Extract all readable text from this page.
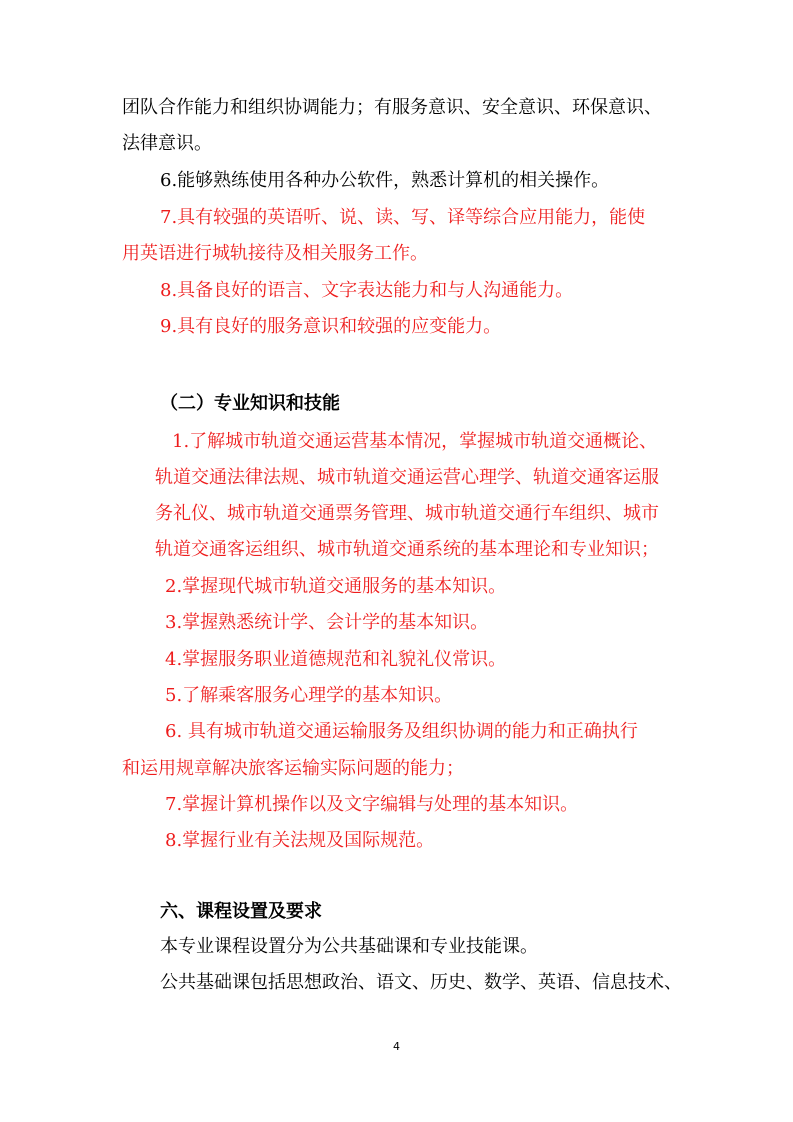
团队合作能力和组织协调能力；有服务意识、安全意识、环保意识、

法律意识。

6.能够熟练使用各种办公软件，熟悉计算机的相关操作。

7.具有较强的英语听、说、读、写、译等综合应用能力，能使

用英语进行城轨接待及相关服务工作。

8.具备良好的语言、文字表达能力和与人沟通能力。

9.具有良好的服务意识和较强的应变能力。

（二）专业知识和技能

1.了解城市轨道交通运营基本情况，掌握城市轨道交通概论、

轨道交通法律法规、城市轨道交通运营心理学、轨道交通客运服

务礼仪、城市轨道交通票务管理、城市轨道交通行车组织、城市

轨道交通客运组织、城市轨道交通系统的基本理论和专业知识；

2.掌握现代城市轨道交通服务的基本知识。

3.掌握熟悉统计学、会计学的基本知识。

4.掌握服务职业道德规范和礼貌礼仪常识。

5.了解乘客服务心理学的基本知识。

6. 具有城市轨道交通运输服务及组织协调的能力和正确执行

和运用规章解决旅客运输实际问题的能力；

7.掌握计算机操作以及文字编辑与处理的基本知识。

8.掌握行业有关法规及国际规范。

六、课程设置及要求

本专业课程设置分为公共基础课和专业技能课。

公共基础课包括思想政治、语文、历史、数学、英语、信息技术、

4
